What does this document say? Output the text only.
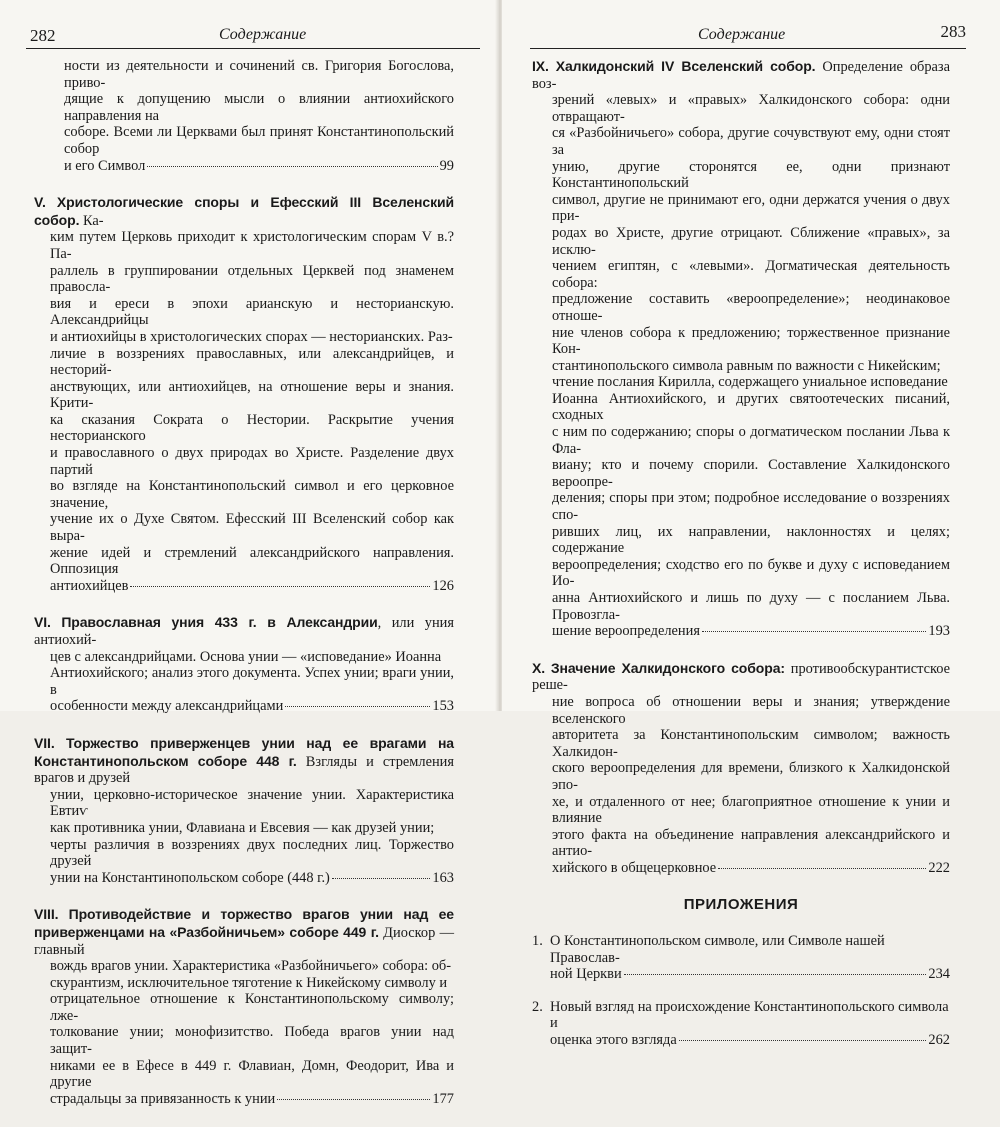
282	Содержание
ности из деятельности и сочинений св. Григория Богослова, приво-
дящие к допущению мысли о влиянии антиохийского направления на
соборе. Всеми ли Церквами был принят Константинопольский собор
и его Символ	99
V. Христологические споры и Ефесский III Вселенский собор. Ка-
ким путем Церковь приходит к христологическим спорам V в.? Па-
раллель в группировании отдельных Церквей под знаменем правосла-
вия и ереси в эпохи арианскую и несторианскую. Александрийцы
и антиохийцы в христологических спорах — несторианских. Раз-
личие в воззрениях православных, или александрийцев, и несторий-
анствующих, или антиохийцев, на отношение веры и знания. Крити-
ка сказания Сократа о Нестории. Раскрытие учения несторианского
и православного о двух природах во Христе. Разделение двух партий
во взгляде на Константинопольский символ и его церковное значение,
учение их о Духе Святом. Ефесский III Вселенский собор как выра-
жение идей и стремлений александрийского направления. Оппозиция
антиохийцев	126
VI. Православная уния 433 г. в Александрии, или уния антиохий-
цев с александрийцами. Основа унии — «исповедание» Иоанна
Антиохийского; анализ этого документа. Успех унии; враги унии, в
особенности между александрийцами	153
VII. Торжество приверженцев унии над ее врагами на Константинопольском соборе 448 г. Взгляды и стремления врагов и друзей
унии, церковно-историческое значение унии. Характеристика Евтиѵ
как противника унии, Флавиана и Евсевия — как друзей унии;
черты различия в воззрениях двух последних лиц. Торжество друзей
унии на Константинопольском соборе (448 г.)	163
VIII. Противодействие и торжество врагов унии над ее приверженцами на «Разбойничьем» соборе 449 г. Диоскор — главный
вождь врагов унии. Характеристика «Разбойничьего» собора: об-
скурантизм, исключительное тяготение к Никейскому символу и
отрицательное отношение к Константинопольскому символу; лже-
толкование унии; монофизитство. Победа врагов унии над защит-
никами ее в Ефесе в 449 г. Флавиан, Домн, Феодорит, Ива и другие
страдальцы за привязанность к унии	177
Содержание	283
IX. Халкидонский IV Вселенский собор. Определение образа воз-
зрений «левых» и «правых» Халкидонского собора: одни отвращают-
ся «Разбойничьего» собора, другие сочувствуют ему, одни стоят за
унию, другие сторонятся ее, одни признают Константинопольский
символ, другие не принимают его, одни держатся учения о двух при-
родах во Христе, другие отрицают. Сближение «правых», за исклю-
чением египтян, с «левыми». Догматическая деятельность собора:
предложение составить «вероопределение»; неодинаковое отноше-
ние членов собора к предложению; торжественное признание Кон-
стантинопольского символа равным по важности с Никейским;
чтение послания Кирилла, содержащего униальное исповедание
Иоанна Антиохийского, и других святоотеческих писаний, сходных
с ним по содержанию; споры о догматическом послании Льва к Фла-
виану; кто и почему спорили. Составление Халкидонского вероопре-
деления; споры при этом; подробное исследование о воззрениях спо-
ривших лиц, их направлении, наклонностях и целях; содержание
вероопределения; сходство его по букве и духу с исповеданием Ио-
анна Антиохийского и лишь по духу — с посланием Льва. Провозгла-
шение вероопределения	193
X. Значение Халкидонского собора: противообскурантистское реше-
ние вопроса об отношении веры и знания; утверждение вселенского
авторитета за Константинопольским символом; важность Халкидон-
ского вероопределения для времени, близкого к Халкидонской эпо-
хе, и отдаленного от нее; благоприятное отношение к унии и влияние
этого факта на объединение направления александрийского и антио-
хийского в общецерковное	222
ПРИЛОЖЕНИЯ
1. О Константинопольском символе, или Символе нашей Православ-
ной Церкви	234
2. Новый взгляд на происхождение Константинопольского символа и
оценка этого взгляда	262
